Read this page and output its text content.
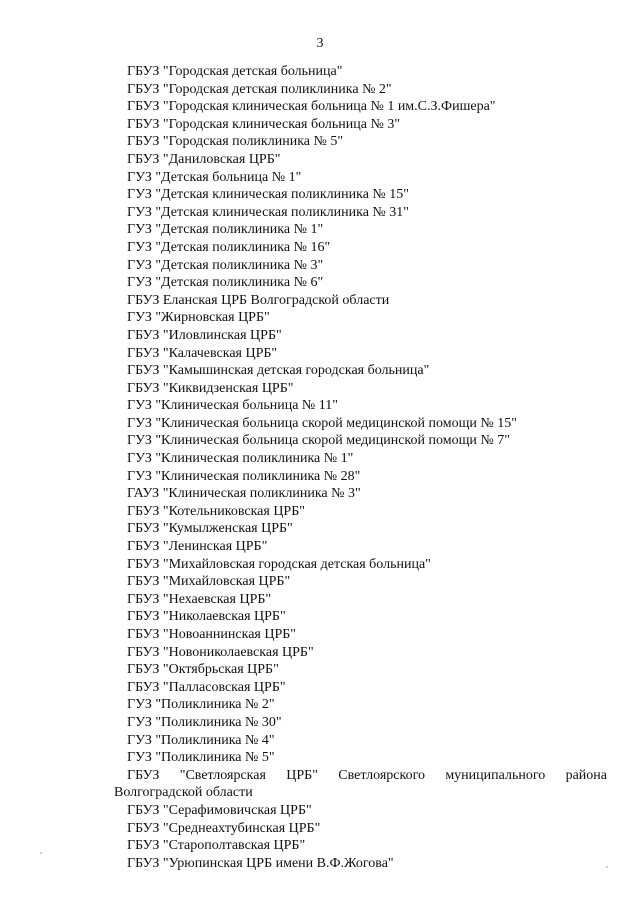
3
ГБУЗ "Городская детская больница"
ГБУЗ "Городская детская поликлиника № 2"
ГБУЗ "Городская клиническая больница № 1 им.С.З.Фишера"
ГБУЗ "Городская клиническая больница № 3"
ГБУЗ "Городская поликлиника № 5"
ГБУЗ "Даниловская ЦРБ"
ГУЗ "Детская больница № 1"
ГУЗ "Детская клиническая поликлиника № 15"
ГУЗ "Детская клиническая поликлиника № 31"
ГУЗ "Детская поликлиника № 1"
ГУЗ "Детская поликлиника № 16"
ГУЗ "Детская поликлиника № 3"
ГУЗ "Детская поликлиника № 6"
ГБУЗ Еланская ЦРБ Волгоградской области
ГУЗ "Жирновская ЦРБ"
ГБУЗ "Иловлинская ЦРБ"
ГБУЗ "Калачевская ЦРБ"
ГБУЗ "Камышинская детская городская больница"
ГБУЗ "Киквидзенская ЦРБ"
ГУЗ "Клиническая больница № 11"
ГУЗ "Клиническая больница скорой медицинской помощи № 15"
ГУЗ "Клиническая больница скорой медицинской помощи № 7"
ГУЗ "Клиническая поликлиника № 1"
ГУЗ "Клиническая поликлиника № 28"
ГАУЗ "Клиническая поликлиника № 3"
ГБУЗ "Котельниковская ЦРБ"
ГБУЗ "Кумылженская ЦРБ"
ГБУЗ "Ленинская ЦРБ"
ГБУЗ "Михайловская городская детская больница"
ГБУЗ "Михайловская ЦРБ"
ГБУЗ "Нехаевская ЦРБ"
ГБУЗ "Николаевская ЦРБ"
ГБУЗ "Новоаннинская ЦРБ"
ГБУЗ "Новониколаевская ЦРБ"
ГБУЗ "Октябрьская ЦРБ"
ГБУЗ "Палласовская ЦРБ"
ГУЗ "Поликлиника № 2"
ГУЗ "Поликлиника № 30"
ГУЗ "Поликлиника № 4"
ГУЗ "Поликлиника № 5"
ГБУЗ "Светлоярская ЦРБ" Светлоярского муниципального района
Волгоградской области
ГБУЗ "Серафимовичская ЦРБ"
ГБУЗ "Среднеахтубинская ЦРБ"
ГБУЗ "Старополтавская ЦРБ"
ГБУЗ "Урюпинская ЦРБ имени В.Ф.Жогова"
